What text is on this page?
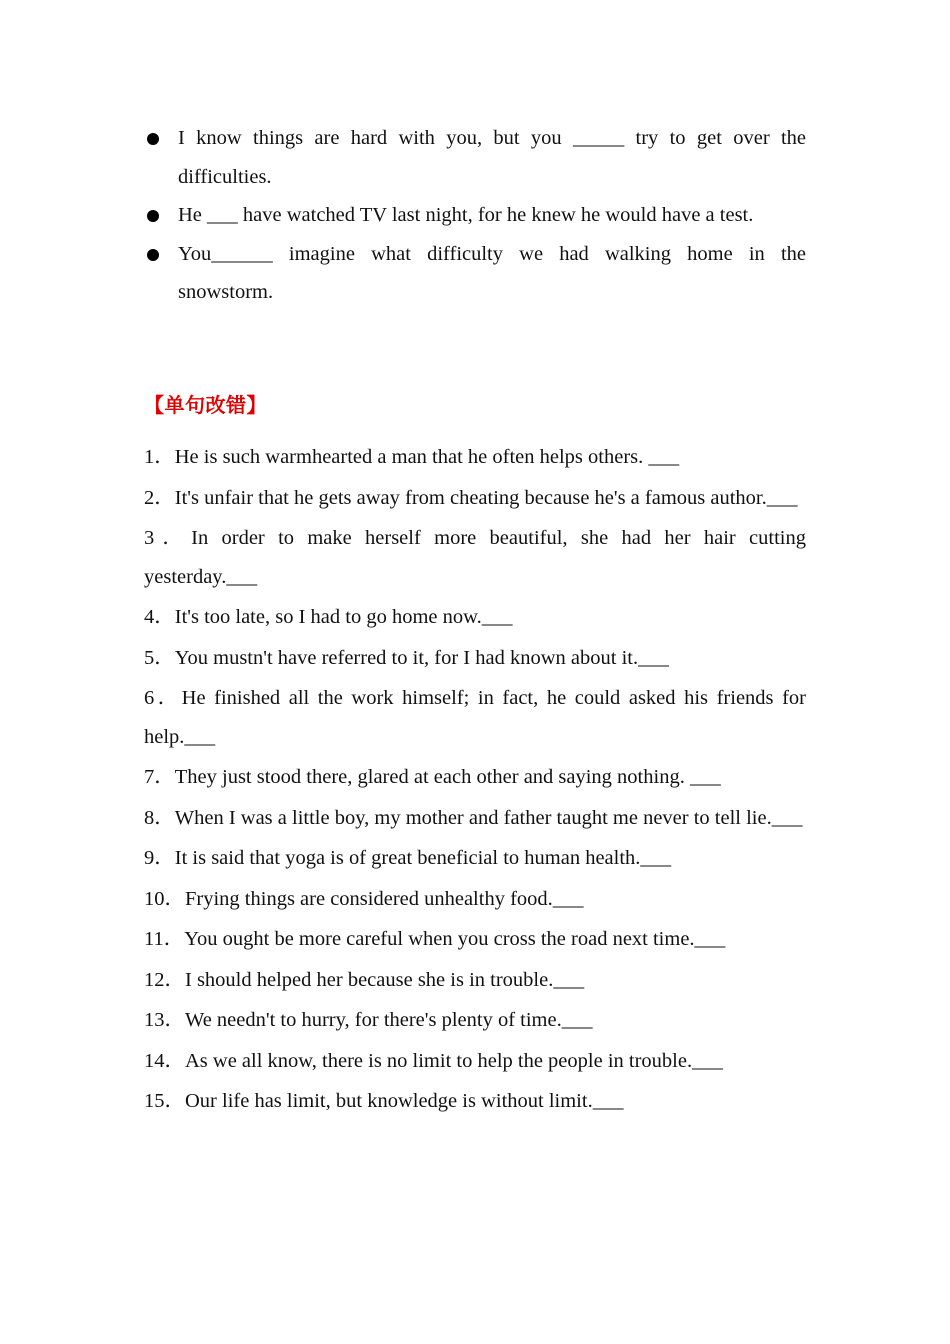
I know things are hard with you, but you _____ try to get over the difficulties.
He ___ have watched TV last night, for he knew he would have a test.
You______ imagine what difficulty we had walking home in the snowstorm.
【单句改错】
1．He is such warmhearted a man that he often helps others. ___
2．It's unfair that he gets away from cheating because he's a famous author.___
3．In order to make herself more beautiful, she had her hair cutting yesterday.___
4．It's too late, so I had to go home now.___
5．You mustn't have referred to it, for I had known about it.___
6．He finished all the work himself; in fact, he could asked his friends for help.___
7．They just stood there, glared at each other and saying nothing. ___
8．When I was a little boy, my mother and father taught me never to tell lie.___
9．It is said that yoga is of great beneficial to human health.___
10．Frying things are considered unhealthy food.___
11．You ought be more careful when you cross the road next time.___
12．I should helped her because she is in trouble.___
13．We needn't to hurry, for there's plenty of time.___
14．As we all know, there is no limit to help the people in trouble.___
15．Our life has limit, but knowledge is without limit.___
